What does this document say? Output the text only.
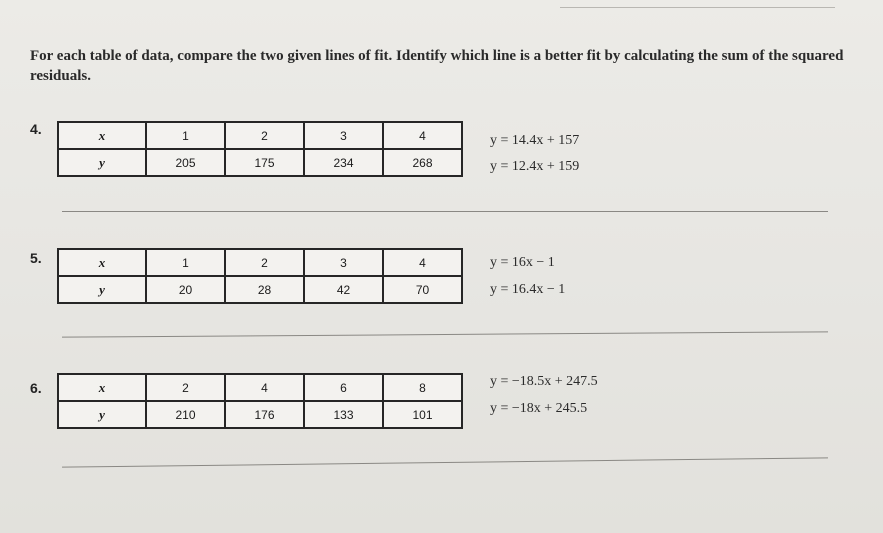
For each table of data, compare the two given lines of fit. Identify which line is a better fit by calculating the sum of the squared residuals.
4.	x	1	2	3	4
y	205	175	234	268
y = 14.4x + 157
y = 12.4x + 159
5.	x	1	2	3	4
y	20	28	42	70
y = 16x − 1
y = 16.4x − 1
6.	x	2	4	6	8
y	210	176	133	101
y = −18.5x + 247.5
y = −18x + 245.5
